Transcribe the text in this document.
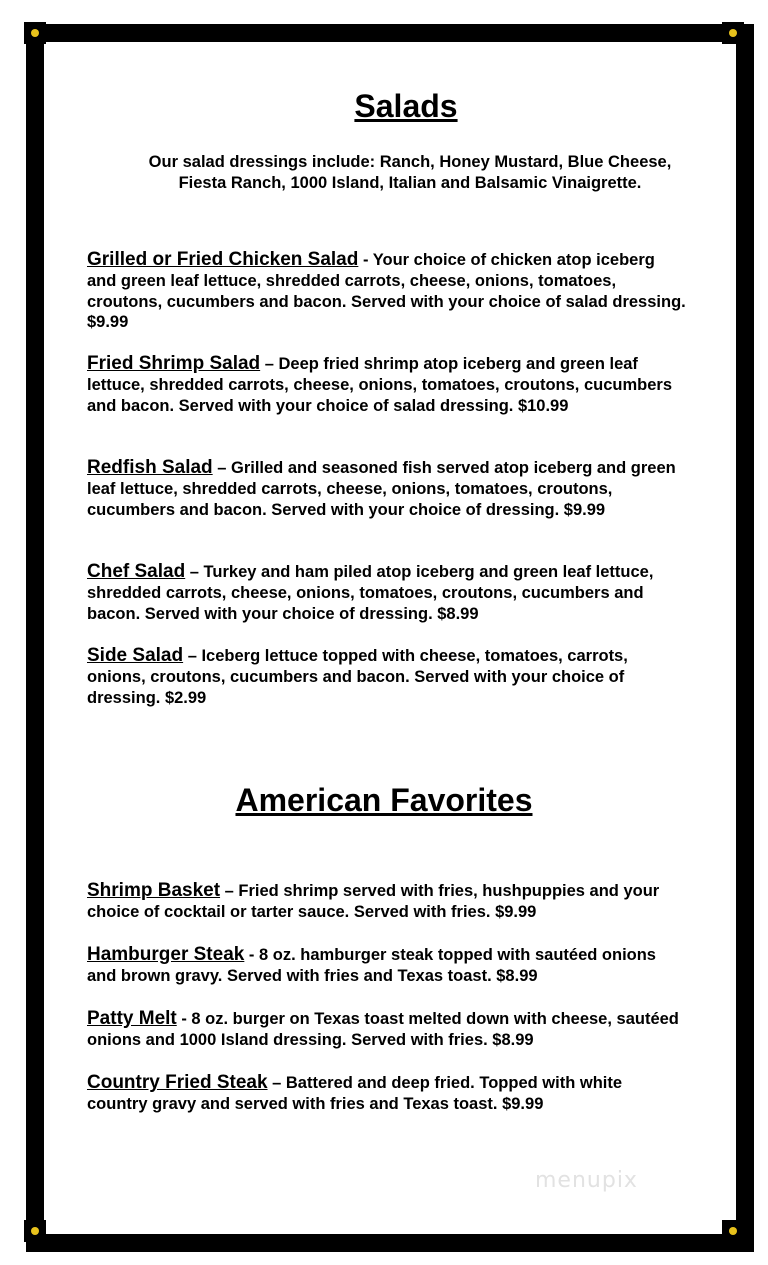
Salads
Our salad dressings include: Ranch, Honey Mustard, Blue Cheese, Fiesta Ranch, 1000 Island, Italian and Balsamic Vinaigrette.

Grilled or Fried Chicken Salad - Your choice of chicken atop iceberg and green leaf lettuce, shredded carrots, cheese, onions, tomatoes, croutons, cucumbers and bacon. Served with your choice of salad dressing. $9.99

Fried Shrimp Salad – Deep fried shrimp atop iceberg and green leaf lettuce, shredded carrots, cheese, onions, tomatoes, croutons, cucumbers and bacon. Served with your choice of salad dressing. $10.99

Redfish Salad – Grilled and seasoned fish served atop iceberg and green leaf lettuce, shredded carrots, cheese, onions, tomatoes, croutons, cucumbers and bacon. Served with your choice of dressing. $9.99

Chef Salad – Turkey and ham piled atop iceberg and green leaf lettuce, shredded carrots, cheese, onions, tomatoes, croutons, cucumbers and bacon. Served with your choice of dressing. $8.99

Side Salad – Iceberg lettuce topped with cheese, tomatoes, carrots, onions, croutons, cucumbers and bacon. Served with your choice of dressing. $2.99

American Favorites

Shrimp Basket – Fried shrimp served with fries, hushpuppies and your choice of cocktail or tarter sauce. Served with fries. $9.99

Hamburger Steak - 8 oz. hamburger steak topped with sautéed onions and brown gravy. Served with fries and Texas toast. $8.99

Patty Melt - 8 oz. burger on Texas toast melted down with cheese, sautéed onions and 1000 Island dressing. Served with fries. $8.99

Country Fried Steak – Battered and deep fried. Topped with white country gravy and served with fries and Texas toast. $9.99

menupix
